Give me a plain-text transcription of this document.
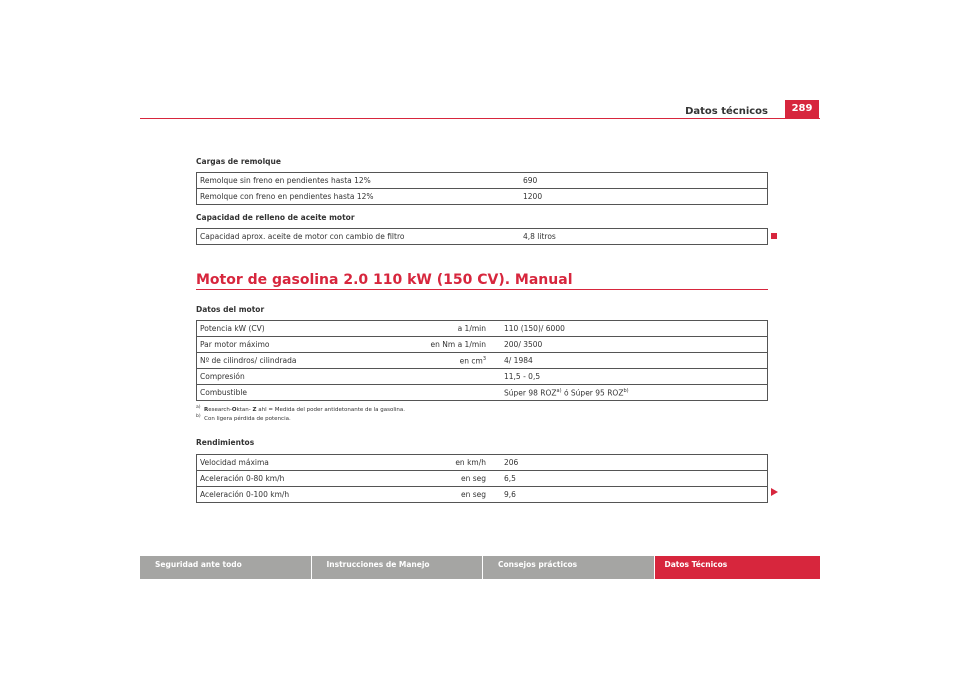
Datos técnicos	289
Cargas de remolque
Remolque sin freno en pendientes hasta 12%	690
Remolque con freno en pendientes hasta 12%	1200
Capacidad de relleno de aceite motor
Capacidad aprox. aceite de motor con cambio de filtro	4,8 litros
Motor de gasolina 2.0 110 kW (150 CV). Manual
Datos del motor
Potencia kW (CV)	a 1/min	110 (150)/ 6000
Par motor máximo	en Nm a 1/min	200/ 3500
Nº de cilindros/ cilindrada	en $cm^3$	4/ 1984
Compresión		11,5 - 0,5
Combustible		Súper 98 ROZ$^{a)}$ ó Súper 95 ROZ$^{b)}$
$^{a)}$ Research-Oktan- Z ahl = Medida del poder antidetonante de la gasolina.
$^{b)}$ Con ligera pérdida de potencia.
Rendimientos
Velocidad máxima	en km/h	206
Aceleración 0-80 km/h	en seg	6,5
Aceleración 0-100 km/h	en seg	9,6
Seguridad ante todo	Instrucciones de Manejo	Consejos prácticos	Datos Técnicos
